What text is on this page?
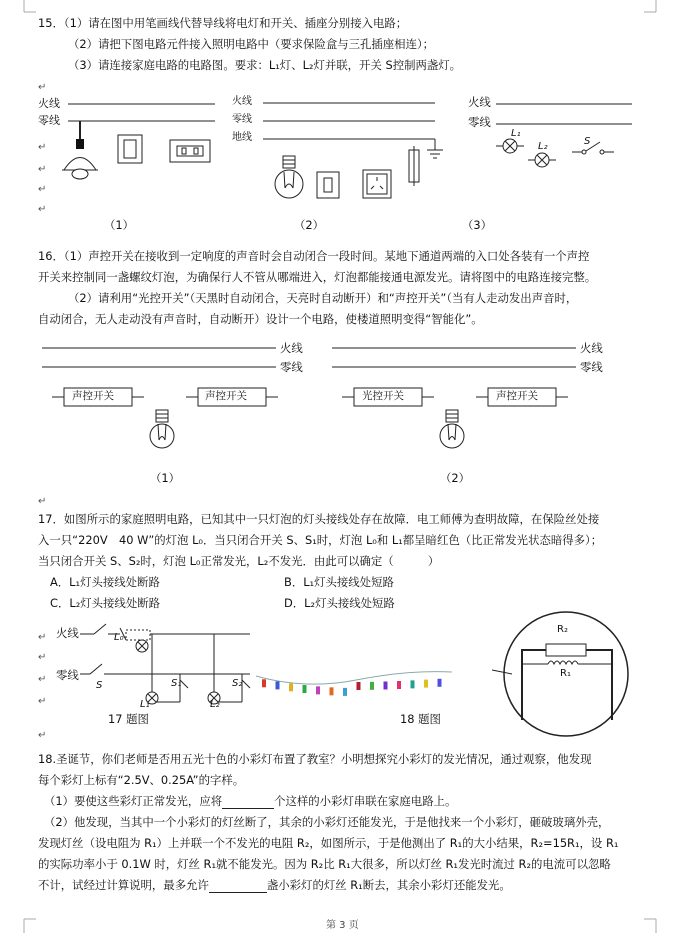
15．（1）请在图中用笔画线代替导线将电灯和开关、插座分别接入电路；
（2）请把下图电路元件接入照明电路中（要求保险盒与三孔插座相连）；
（3）请连接家庭电路的电路图。要求：L₁灯、L₂灯并联，开关 S控制两盏灯。
火线
零线
（1）
火线
零线
地线
（2）
火线
零线
L₁
L₂	S
（3）
↵
↵
↵
↵
↵
16．（1）声控开关在接收到一定响度的声音时会自动闭合一段时间。某地下通道两端的入口处各装有一个声控
开关来控制同一盏螺纹灯泡，为确保行人不管从哪端进入，灯泡都能接通电源发光。请将图中的电路连接完整。
（2）请利用“光控开关”（天黑时自动闭合，天亮时自动断开）和“声控开关”（当有人走动发出声音时，
自动闭合，无人走动没有声音时，自动断开）设计一个电路，使楼道照明变得“智能化”。
火线
零线
声控开关	声控开关
（1）
火线
零线
光控开关	声控开关
（2）
↵
17．如图所示的家庭照明电路，已知其中一只灯泡的灯头接线处存在故障．电工师傅为查明故障，在保险丝处接
入一只“220V　40 W”的灯泡 L₀．当只闭合开关 S、S₁时，灯泡 L₀和 L₁都呈暗红色（比正常发光状态暗得多）；
当只闭合开关 S、S₂时，灯泡 L₀正常发光，L₂不发光．由此可以确定（　　　）
A．L₁灯头接线处断路	B．L₁灯头接线处短路
C．L₂灯头接线处断路	D．L₂灯头接线处短路
火线
零线
L₀
S	S₁	S₂
L₁	L₂
17 题图	18 题图
R₂
R₁
↵
↵
↵
↵
↵
18.圣诞节，你们老师是否用五光十色的小彩灯布置了教室？小明想探究小彩灯的发光情况，通过观察，他发现
每个彩灯上标有“2.5V、0.25A”的字样。
（1）要使这些彩灯正常发光，应将	个这样的小彩灯串联在家庭电路上。
（2）他发现，当其中一个小彩灯的灯丝断了，其余的小彩灯还能发光，于是他找来一个小彩灯，砸破玻璃外壳，
发现灯丝（设电阻为 R₁）上并联一个不发光的电阻 R₂，如图所示，于是他测出了 R₁的大小结果，R₂=15R₁，设 R₁
的实际功率小于 0.1W 时，灯丝 R₁就不能发光。因为 R₂比 R₁大很多，所以灯丝 R₁发光时流过 R₂的电流可以忽略
不计，试经过计算说明，最多允许	盏小彩灯的灯丝 R₁断去，其余小彩灯还能发光。
第 3 页
